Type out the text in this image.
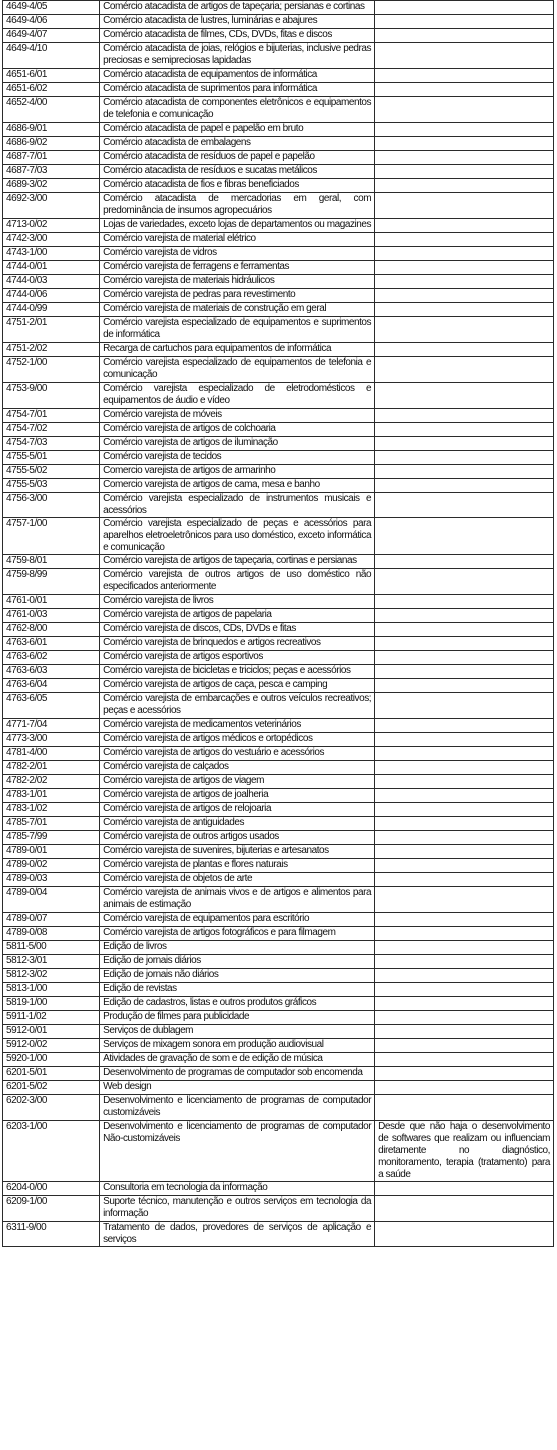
4649-4/05	Comércio atacadista de artigos de tapeçaria; persianas e cortinas	
4649-4/06	Comércio atacadista de lustres, luminárias e abajures	
4649-4/07	Comércio atacadista de filmes, CDs, DVDs, fitas e discos	
4649-4/10	Comércio atacadista de joias, relógios e bijuterias, inclusive pedras preciosas e semipreciosas lapidadas	
4651-6/01	Comércio atacadista de equipamentos de informática	
4651-6/02	Comércio atacadista de suprimentos para informática	
4652-4/00	Comércio atacadista de componentes eletrônicos e equipamentos de telefonia e comunicação	
4686-9/01	Comércio atacadista de papel e papelão em bruto	
4686-9/02	Comércio atacadista de embalagens	
4687-7/01	Comércio atacadista de resíduos de papel e papelão	
4687-7/03	Comércio atacadista de resíduos e sucatas metálicos	
4689-3/02	Comércio atacadista de fios e fibras beneficiados	
4692-3/00	Comércio atacadista de mercadorias em geral, com predominância de insumos agropecuários	
4713-0/02	Lojas de variedades, exceto lojas de departamentos ou magazines	
4742-3/00	Comércio varejista de material elétrico	
4743-1/00	Comércio varejista de vidros	
4744-0/01	Comércio varejista de ferragens e ferramentas	
4744-0/03	Comércio varejista de materiais hidráulicos	
4744-0/06	Comércio varejista de pedras para revestimento	
4744-0/99	Comércio varejista de materiais de construção em geral	
4751-2/01	Comércio varejista especializado de equipamentos e suprimentos de informática	
4751-2/02	Recarga de cartuchos para equipamentos de informática	
4752-1/00	Comércio varejista especializado de equipamentos de telefonia e comunicação	
4753-9/00	Comércio varejista especializado de eletrodomésticos e equipamentos de áudio e vídeo	
4754-7/01	Comércio varejista de móveis	
4754-7/02	Comércio varejista de artigos de colchoaria	
4754-7/03	Comércio varejista de artigos de iluminação	
4755-5/01	Comércio varejista de tecidos	
4755-5/02	Comercio varejista de artigos de armarinho	
4755-5/03	Comercio varejista de artigos de cama, mesa e banho	
4756-3/00	Comércio varejista especializado de instrumentos musicais e acessórios	
4757-1/00	Comércio varejista especializado de peças e acessórios para aparelhos eletroeletrônicos para uso doméstico, exceto informática e comunicação	
4759-8/01	Comércio varejista de artigos de tapeçaria, cortinas e persianas	
4759-8/99	Comércio varejista de outros artigos de uso doméstico não especificados anteriormente	
4761-0/01	Comércio varejista de livros	
4761-0/03	Comércio varejista de artigos de papelaria	
4762-8/00	Comércio varejista de discos, CDs, DVDs e fitas	
4763-6/01	Comércio varejista de brinquedos e artigos recreativos	
4763-6/02	Comércio varejista de artigos esportivos	
4763-6/03	Comércio varejista de bicicletas e triciclos; peças e acessórios	
4763-6/04	Comércio varejista de artigos de caça, pesca e camping	
4763-6/05	Comércio varejista de embarcações e outros veículos recreativos; peças e acessórios	
4771-7/04	Comércio varejista de medicamentos veterinários	
4773-3/00	Comércio varejista de artigos médicos e ortopédicos	
4781-4/00	Comércio varejista de artigos do vestuário e acessórios	
4782-2/01	Comércio varejista de calçados	
4782-2/02	Comércio varejista de artigos de viagem	
4783-1/01	Comércio varejista de artigos de joalheria	
4783-1/02	Comércio varejista de artigos de relojoaria	
4785-7/01	Comércio varejista de antiguidades	
4785-7/99	Comércio varejista de outros artigos usados	
4789-0/01	Comércio varejista de suvenires, bijuterias e artesanatos	
4789-0/02	Comércio varejista de plantas e flores naturais	
4789-0/03	Comércio varejista de objetos de arte	
4789-0/04	Comércio varejista de animais vivos e de artigos e alimentos para animais de estimação	
4789-0/07	Comércio varejista de equipamentos para escritório	
4789-0/08	Comércio varejista de artigos fotográficos e para filmagem	
5811-5/00	Edição de livros	
5812-3/01	Edição de jornais diários	
5812-3/02	Edição de jornais não diários	
5813-1/00	Edição de revistas	
5819-1/00	Edição de cadastros, listas e outros produtos gráficos	
5911-1/02	Produção de filmes para publicidade	
5912-0/01	Serviços de dublagem	
5912-0/02	Serviços de mixagem sonora em produção audiovisual	
5920-1/00	Atividades de gravação de som e de edição de música	
6201-5/01	Desenvolvimento de programas de computador sob encomenda	
6201-5/02	Web design	
6202-3/00	Desenvolvimento e licenciamento de programas de computador customizáveis	
6203-1/00	Desenvolvimento e licenciamento de programas de computador Não-customizáveis	Desde que não haja o desenvolvimento de softwares que realizam ou influenciam diretamente no diagnóstico, monitoramento, terapia (tratamento) para a saúde
6204-0/00	Consultoria em tecnologia da informação	
6209-1/00	Suporte técnico, manutenção e outros serviços em tecnologia da informação	
6311-9/00	Tratamento de dados, provedores de serviços de aplicação e serviços	
